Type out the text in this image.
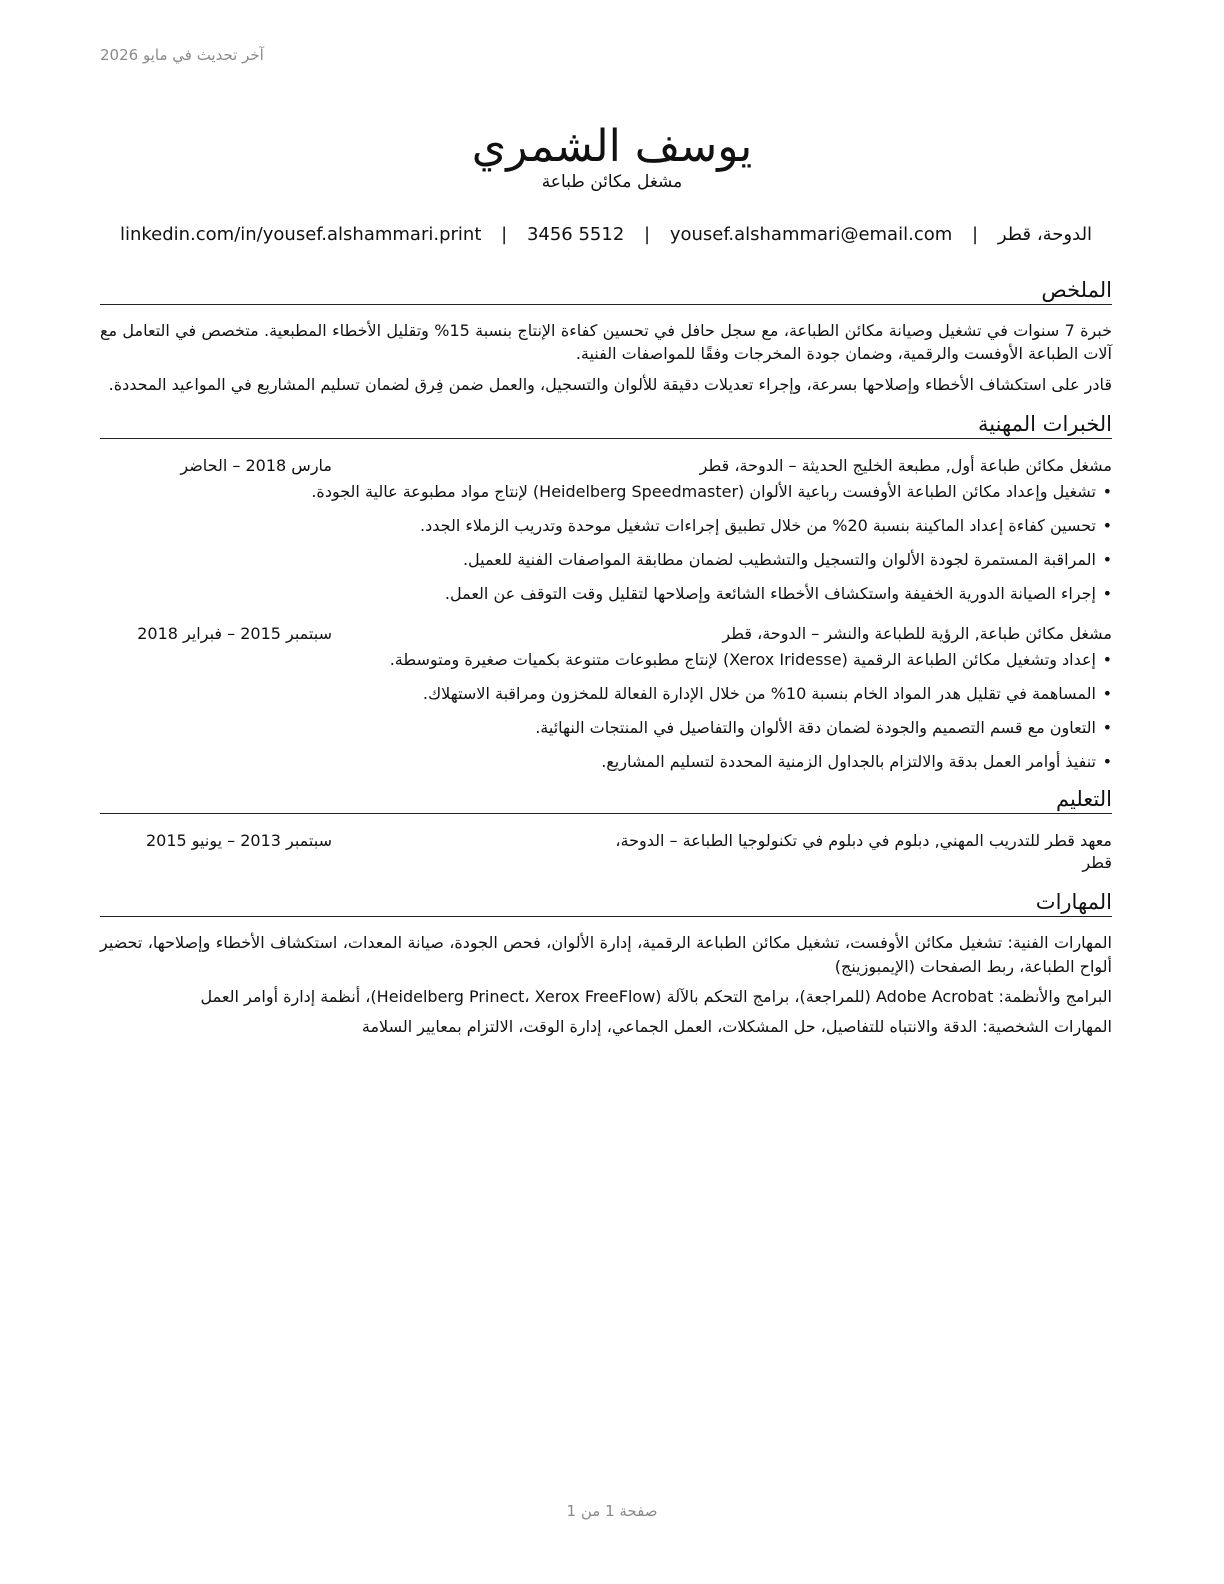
آخر تحديث في مايو 2026
يوسف الشمري
مشغل مكائن طباعة
الدوحة، قطر | yousef.alshammari@email.com | 3456 5512 | linkedin.com/in/yousef.alshammari.print
الملخص

خبرة 7 سنوات في تشغيل وصيانة مكائن الطباعة، مع سجل حافل في تحسين كفاءة الإنتاج بنسبة 15% وتقليل الأخطاء المطبعية. متخصص في التعامل مع آلات الطباعة الأوفست والرقمية، وضمان جودة المخرجات وفقًا للمواصفات الفنية.

قادر على استكشاف الأخطاء وإصلاحها بسرعة، وإجراء تعديلات دقيقة للألوان والتسجيل، والعمل ضمن فِرق لضمان تسليم المشاريع في المواعيد المحددة.

الخبرات المهنية
مشغل مكائن طباعة أول, مطبعة الخليج الحديثة – الدوحة، قطر
مارس 2018 – الحاضر
• تشغيل وإعداد مكائن الطباعة الأوفست رباعية الألوان (Heidelberg Speedmaster) لإنتاج مواد مطبوعة عالية الجودة.
• تحسين كفاءة إعداد الماكينة بنسبة 20% من خلال تطبيق إجراءات تشغيل موحدة وتدريب الزملاء الجدد.
• المراقبة المستمرة لجودة الألوان والتسجيل والتشطيب لضمان مطابقة المواصفات الفنية للعميل.
• إجراء الصيانة الدورية الخفيفة واستكشاف الأخطاء الشائعة وإصلاحها لتقليل وقت التوقف عن العمل.
مشغل مكائن طباعة, الرؤية للطباعة والنشر – الدوحة، قطر
سبتمبر 2015 – فبراير 2018
• إعداد وتشغيل مكائن الطباعة الرقمية (Xerox Iridesse) لإنتاج مطبوعات متنوعة بكميات صغيرة ومتوسطة.
• المساهمة في تقليل هدر المواد الخام بنسبة 10% من خلال الإدارة الفعالة للمخزون ومراقبة الاستهلاك.
• التعاون مع قسم التصميم والجودة لضمان دقة الألوان والتفاصيل في المنتجات النهائية.
• تنفيذ أوامر العمل بدقة والالتزام بالجداول الزمنية المحددة لتسليم المشاريع.
التعليم
معهد قطر للتدريب المهني, دبلوم في دبلوم في تكنولوجيا الطباعة – الدوحة، قطر
سبتمبر 2013 – يونيو 2015
المهارات
المهارات الفنية: تشغيل مكائن الأوفست، تشغيل مكائن الطباعة الرقمية، إدارة الألوان، فحص الجودة، صيانة المعدات، استكشاف الأخطاء وإصلاحها، تحضير ألواح الطباعة، ربط الصفحات (الإيمبوزينج)
البرامج والأنظمة: Adobe Acrobat (للمراجعة)، برامج التحكم بالآلة (Heidelberg Prinect، Xerox FreeFlow)، أنظمة إدارة أوامر العمل
المهارات الشخصية: الدقة والانتباه للتفاصيل، حل المشكلات، العمل الجماعي، إدارة الوقت، الالتزام بمعايير السلامة
صفحة 1 من 1
